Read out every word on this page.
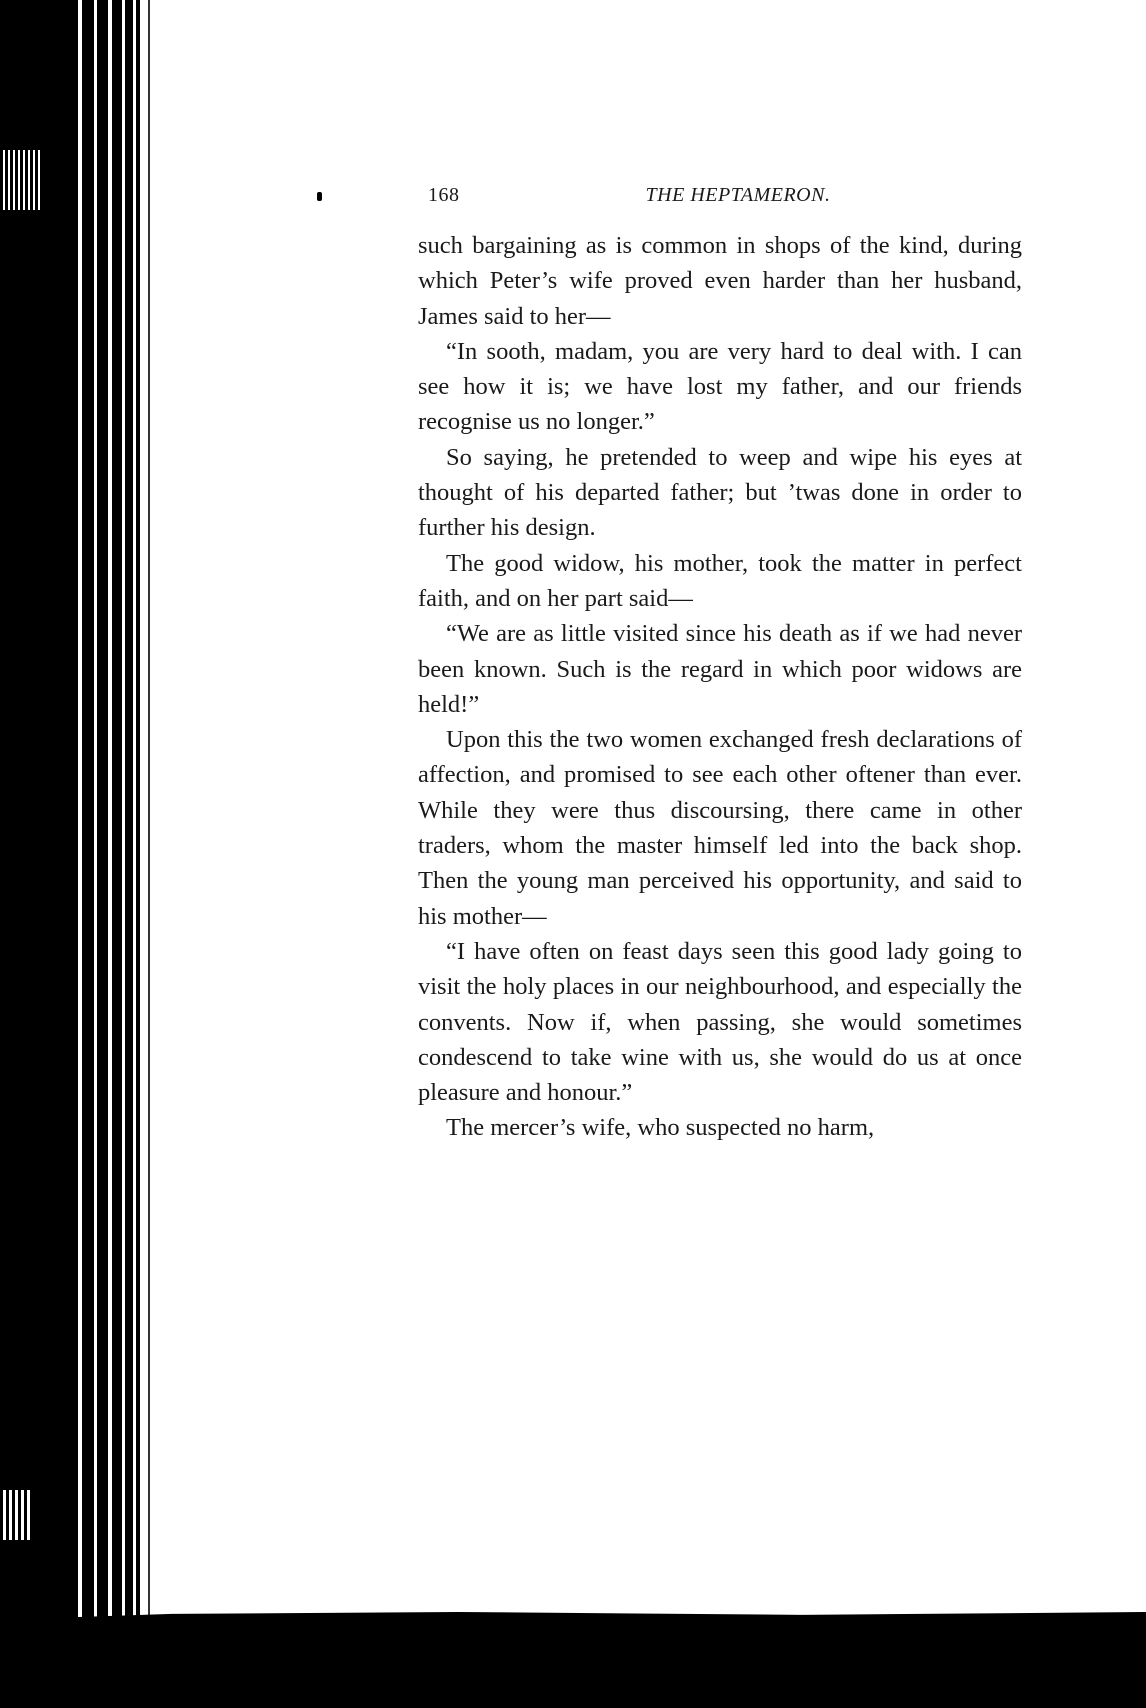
168	THE HEPTAMERON.

such bargaining as is common in shops of the kind, during which Peter’s wife proved even harder than her husband, James said to her—

“In sooth, madam, you are very hard to deal with. I can see how it is; we have lost my father, and our friends recognise us no longer.”

So saying, he pretended to weep and wipe his eyes at thought of his departed father; but ’twas done in order to further his design.

The good widow, his mother, took the matter in perfect faith, and on her part said—

“We are as little visited since his death as if we had never been known. Such is the regard in which poor widows are held!”

Upon this the two women exchanged fresh declarations of affection, and promised to see each other oftener than ever. While they were thus discoursing, there came in other traders, whom the master himself led into the back shop. Then the young man perceived his opportunity, and said to his mother—

“I have often on feast days seen this good lady going to visit the holy places in our neighbourhood, and especially the convents. Now if, when passing, she would sometimes condescend to take wine with us, she would do us at once pleasure and honour.”

The mercer’s wife, who suspected no harm,
